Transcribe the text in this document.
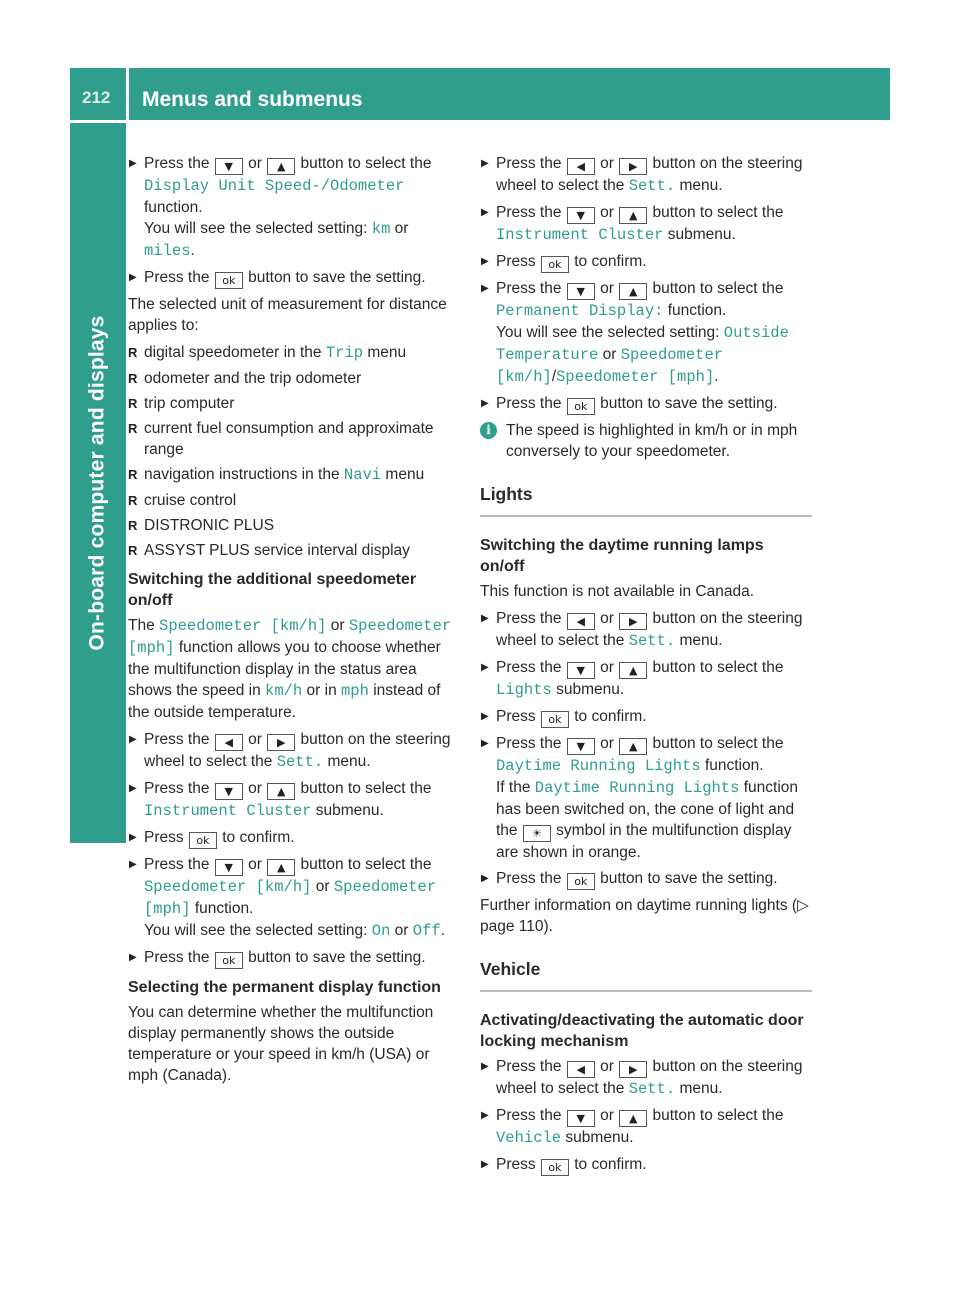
212	Menus and submenus
On-board computer and displays
▶ Press the ▼ or ▲ button to select the Display Unit Speed-/Odometer function.
You will see the selected setting: km or miles.
▶ Press the ok button to save the setting.
The selected unit of measurement for distance applies to:
R digital speedometer in the Trip menu
R odometer and the trip odometer
R trip computer
R current fuel consumption and approximate range
R navigation instructions in the Navi menu
R cruise control
R DISTRONIC PLUS
R ASSYST PLUS service interval display
Switching the additional speedometer on/off
The Speedometer [km/h] or Speedometer [mph] function allows you to choose whether the multifunction display in the status area shows the speed in km/h or in mph instead of the outside temperature.
▶ Press the ◀ or ▶ button on the steering wheel to select the Sett. menu.
▶ Press the ▼ or ▲ button to select the Instrument Cluster submenu.
▶ Press ok to confirm.
▶ Press the ▼ or ▲ button to select the Speedometer [km/h] or Speedometer [mph] function.
You will see the selected setting: On or Off.
▶ Press the ok button to save the setting.
Selecting the permanent display function
You can determine whether the multifunction display permanently shows the outside temperature or your speed in km/h (USA) or mph (Canada).
▶ Press the ◀ or ▶ button on the steering wheel to select the Sett. menu.
▶ Press the ▼ or ▲ button to select the Instrument Cluster submenu.
▶ Press ok to confirm.
▶ Press the ▼ or ▲ button to select the Permanent Display: function.
You will see the selected setting: Outside Temperature or Speedometer [km/h]/Speedometer [mph].
▶ Press the ok button to save the setting.
i The speed is highlighted in km/h or in mph conversely to your speedometer.
Lights
Switching the daytime running lamps on/off
This function is not available in Canada.
▶ Press the ◀ or ▶ button on the steering wheel to select the Sett. menu.
▶ Press the ▼ or ▲ button to select the Lights submenu.
▶ Press ok to confirm.
▶ Press the ▼ or ▲ button to select the Daytime Running Lights function.
If the Daytime Running Lights function has been switched on, the cone of light and the ☀ symbol in the multifunction display are shown in orange.
▶ Press the ok button to save the setting.
Further information on daytime running lights (▷ page 110).
Vehicle
Activating/deactivating the automatic door locking mechanism
▶ Press the ◀ or ▶ button on the steering wheel to select the Sett. menu.
▶ Press the ▼ or ▲ button to select the Vehicle submenu.
▶ Press ok to confirm.
